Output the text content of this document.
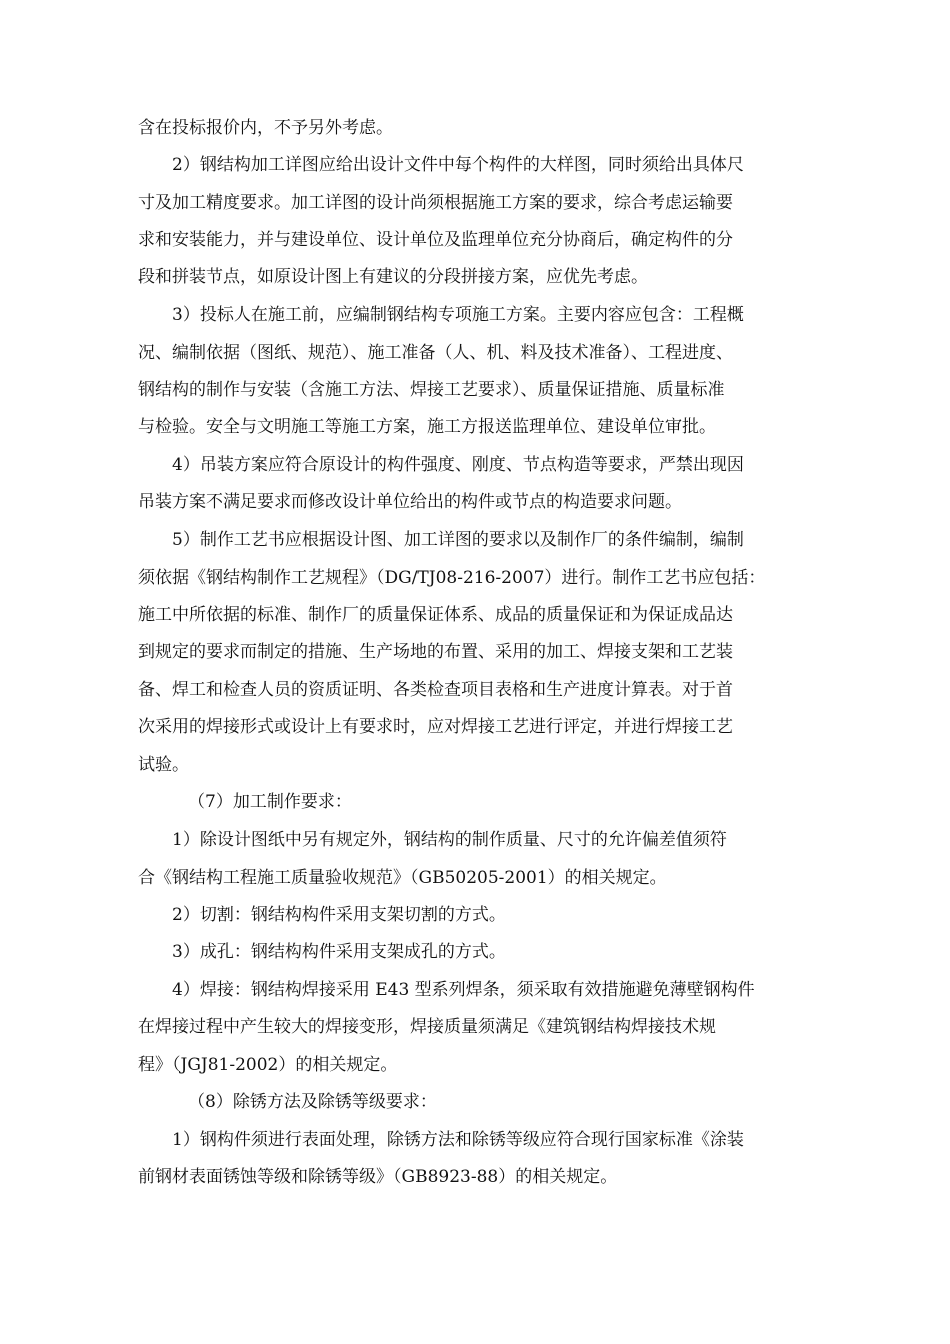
含在投标报价内，不予另外考虑。
2）钢结构加工详图应给出设计文件中每个构件的大样图，同时须给出具体尺
寸及加工精度要求。加工详图的设计尚须根据施工方案的要求，综合考虑运输要
求和安装能力，并与建设单位、设计单位及监理单位充分协商后，确定构件的分
段和拼装节点，如原设计图上有建议的分段拼接方案，应优先考虑。
3）投标人在施工前，应编制钢结构专项施工方案。主要内容应包含：工程概
况、编制依据（图纸、规范）、施工准备（人、机、料及技术准备）、工程进度、
钢结构的制作与安装（含施工方法、焊接工艺要求）、质量保证措施、质量标准
与检验。安全与文明施工等施工方案，施工方报送监理单位、建设单位审批。
4）吊装方案应符合原设计的构件强度、刚度、节点构造等要求，严禁出现因
吊装方案不满足要求而修改设计单位给出的构件或节点的构造要求问题。
5）制作工艺书应根据设计图、加工详图的要求以及制作厂的条件编制，编制
须依据《钢结构制作工艺规程》（DG/TJ08-216-2007）进行。制作工艺书应包括：
施工中所依据的标准、制作厂的质量保证体系、成品的质量保证和为保证成品达
到规定的要求而制定的措施、生产场地的布置、采用的加工、焊接支架和工艺装
备、焊工和检查人员的资质证明、各类检查项目表格和生产进度计算表。对于首
次采用的焊接形式或设计上有要求时，应对焊接工艺进行评定，并进行焊接工艺
试验。
（7）加工制作要求：
1）除设计图纸中另有规定外，钢结构的制作质量、尺寸的允许偏差值须符
合《钢结构工程施工质量验收规范》（GB50205-2001）的相关规定。
2）切割：钢结构构件采用支架切割的方式。
3）成孔：钢结构构件采用支架成孔的方式。
4）焊接：钢结构焊接采用 E43 型系列焊条，须采取有效措施避免薄壁钢构件
在焊接过程中产生较大的焊接变形，焊接质量须满足《建筑钢结构焊接技术规
程》（JGJ81-2002）的相关规定。
（8）除锈方法及除锈等级要求：
1）钢构件须进行表面处理，除锈方法和除锈等级应符合现行国家标准《涂装
前钢材表面锈蚀等级和除锈等级》（GB8923-88）的相关规定。
